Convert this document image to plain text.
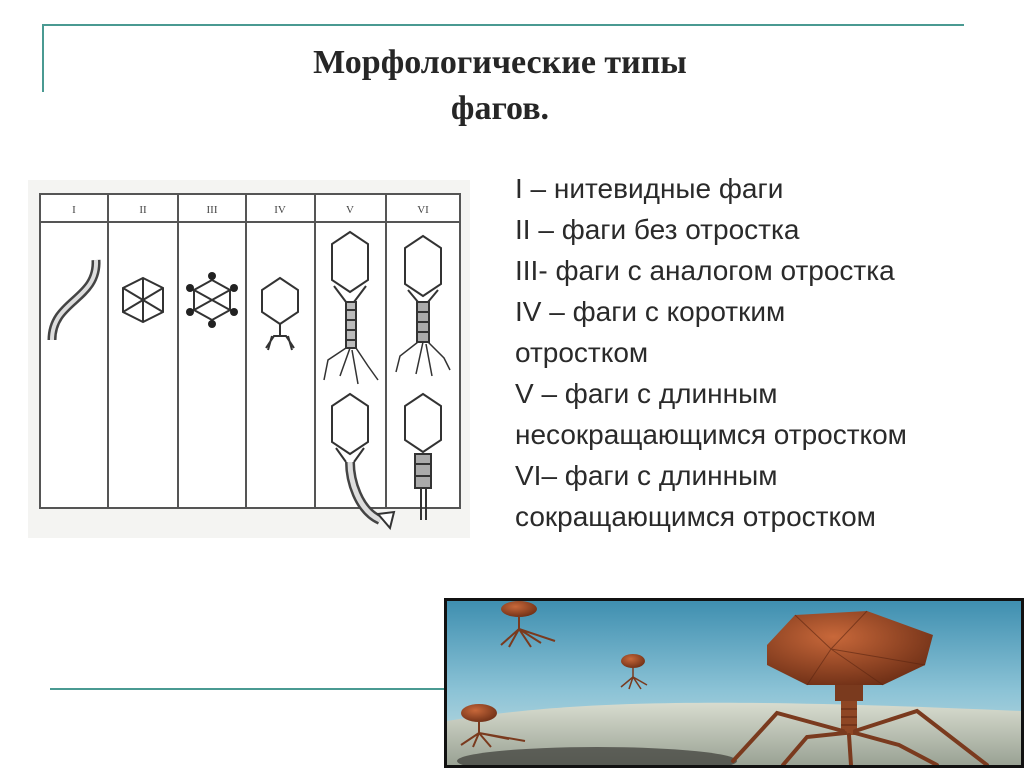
Морфологические типы
фагов.
I	II	III	IV	V	VI
I – нитевидные фаги
II – фаги без отростка
III- фаги с аналогом отростка
IV – фаги с коротким
отростком
V – фаги с длинным
несокращающимся отростком
VI– фаги с длинным
сокращающимся отростком
